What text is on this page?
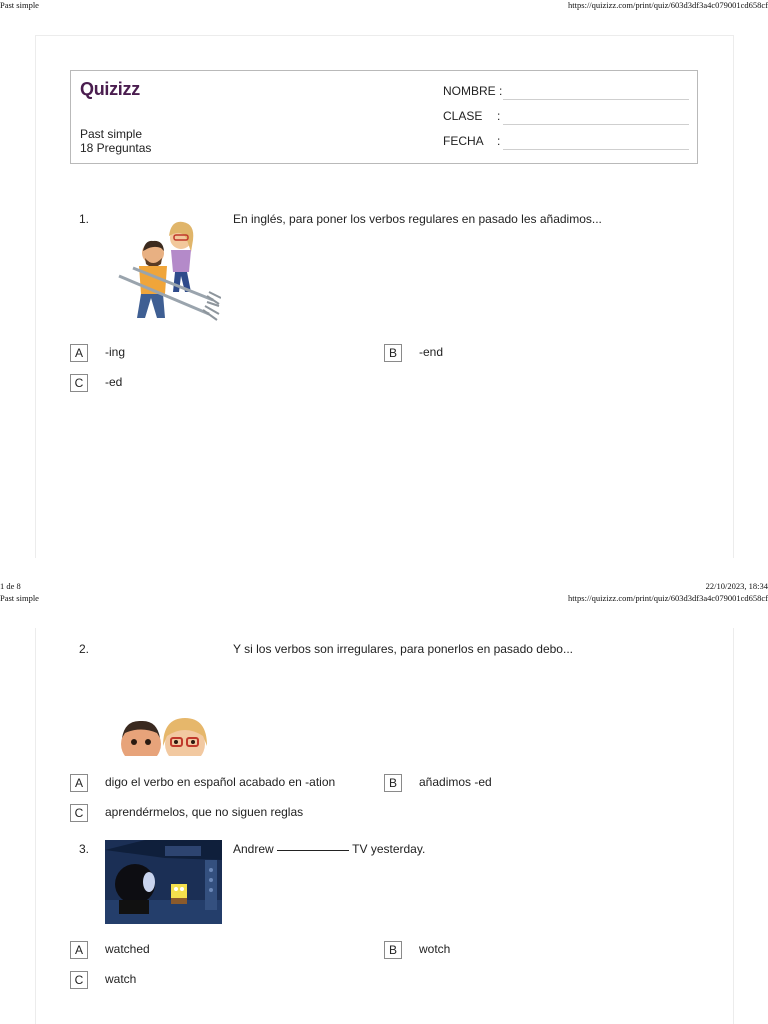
Past simple	https://quizizz.com/print/quiz/603d3df3a4c079001cd658cf
Quizizz
Past simple
18 Preguntas
NOMBRE :
CLASE :
FECHA :
1.	En inglés, para poner los verbos regulares en pasado les añadimos...
A	-ing	B	-end
C	-ed
1 de 8	22/10/2023, 18:34
Past simple	https://quizizz.com/print/quiz/603d3df3a4c079001cd658cf
2.	Y si los verbos son irregulares, para ponerlos en pasado debo...
A	digo el verbo en español acabado en -ation	B	añadimos -ed
C	aprendérmelos, que no siguen reglas
3.	Andrew	TV yesterday.
A	watched	B	wotch
C	watch
